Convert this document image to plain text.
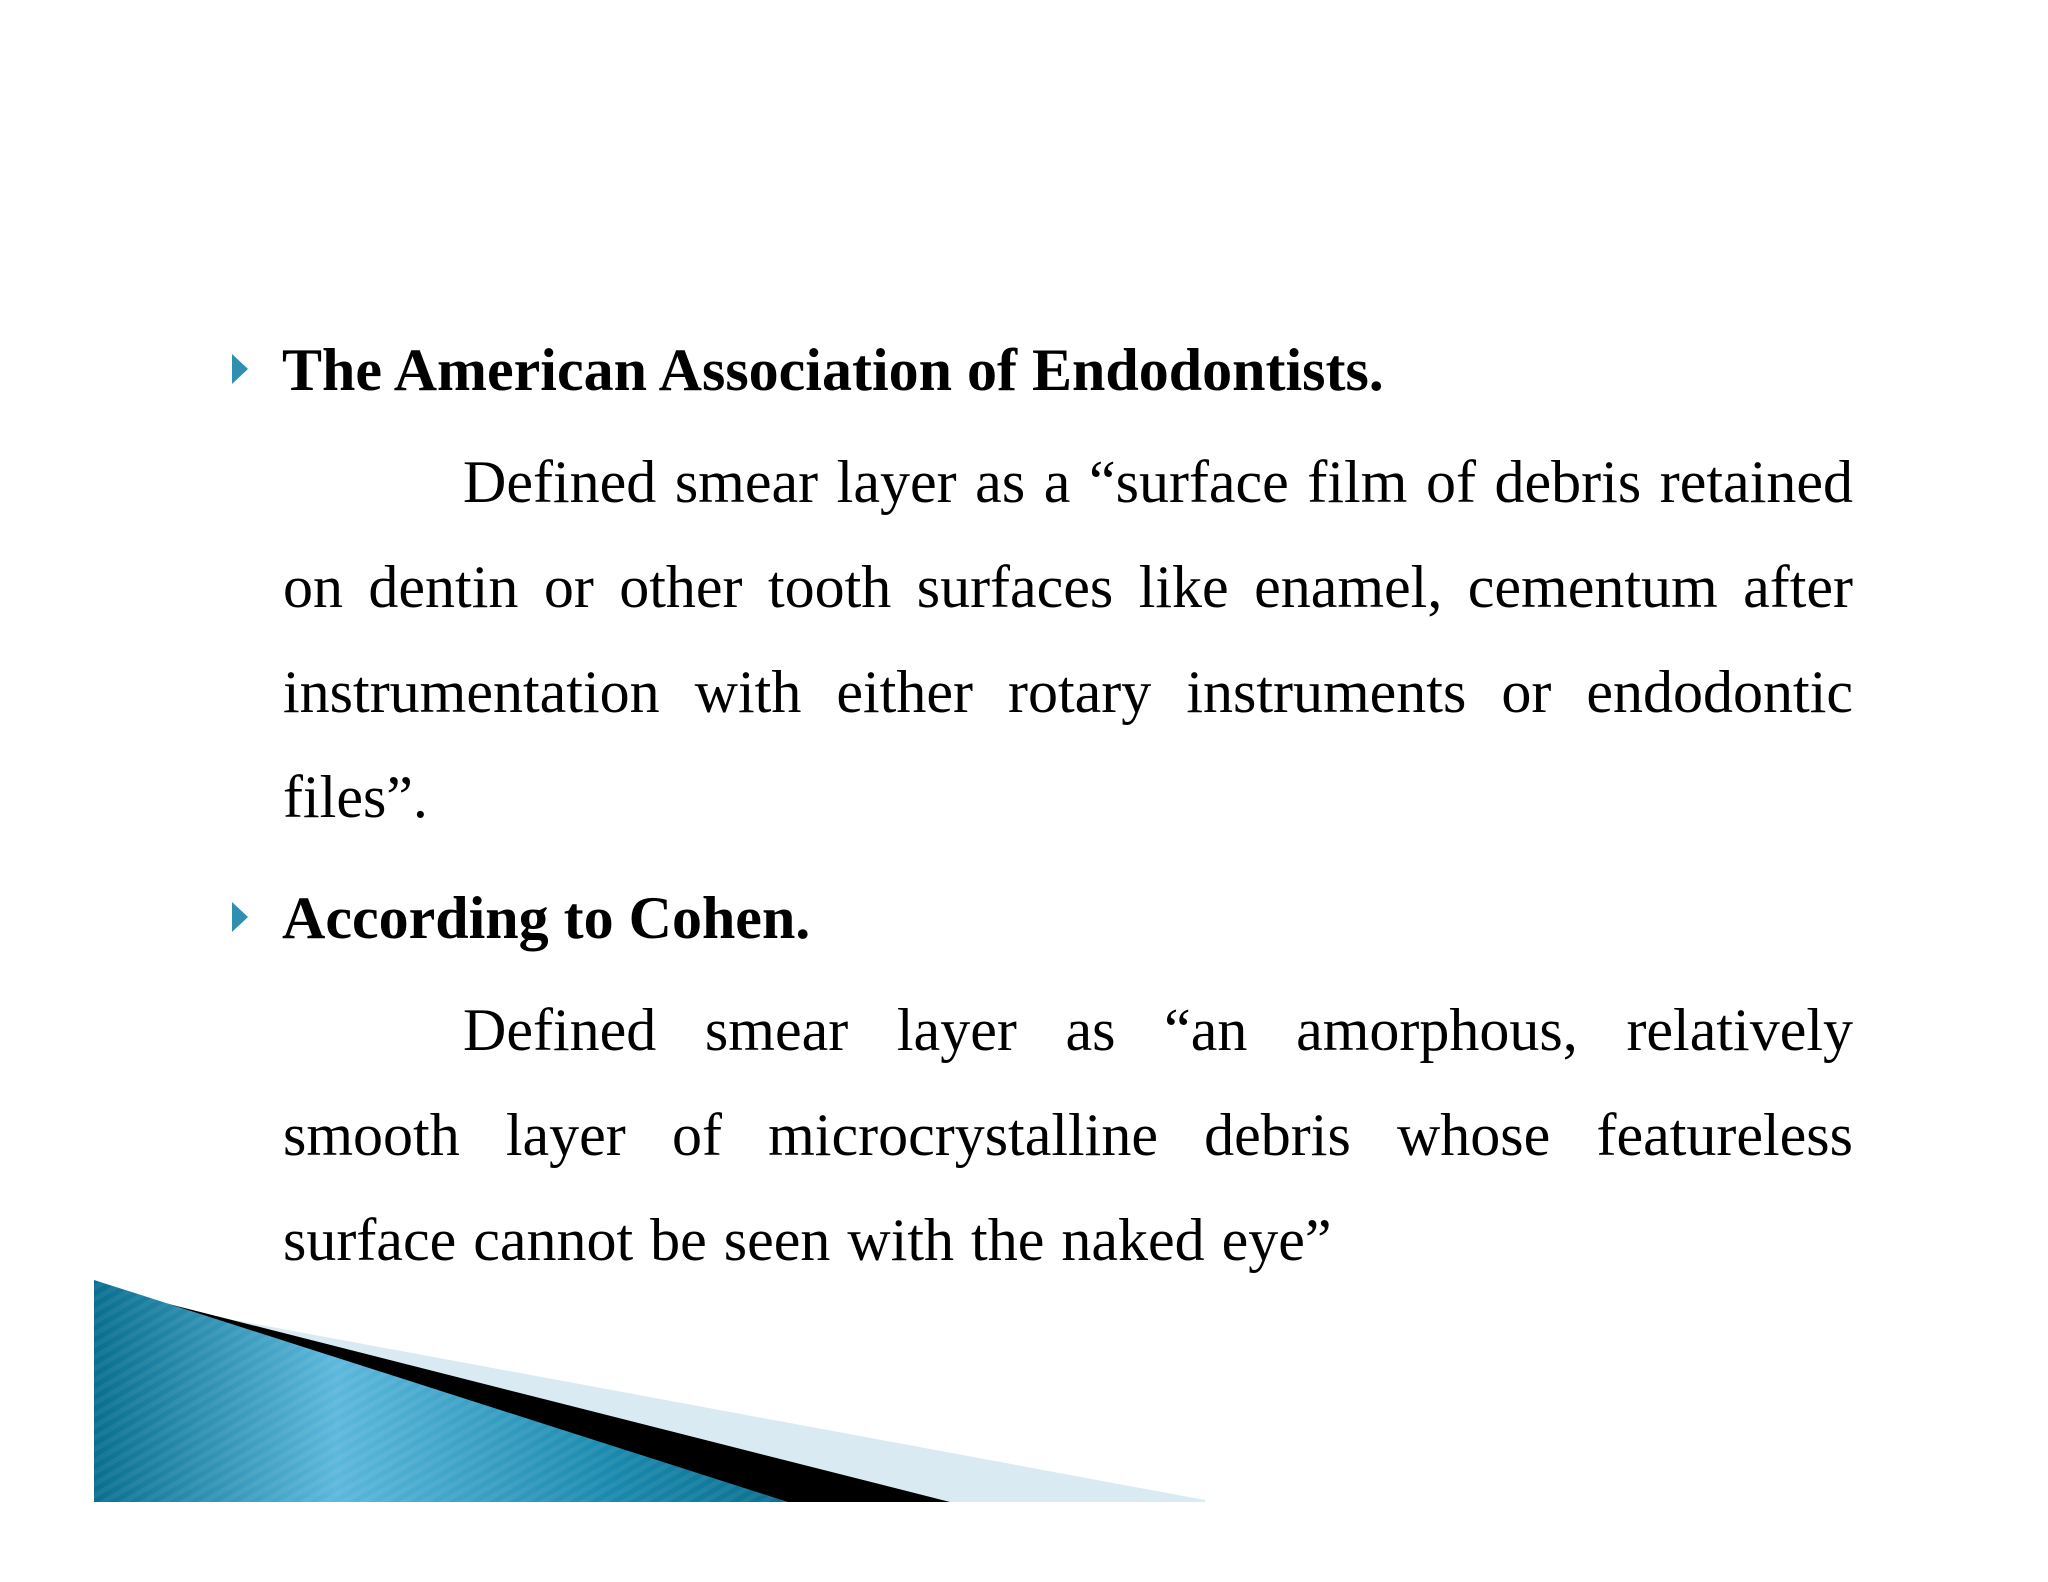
The American Association of Endodontists.

Defined smear layer as a “surface film of debris retained on dentin or other tooth surfaces like enamel, cementum after instrumentation with either rotary instruments or endodontic files”.

According to Cohen.

Defined smear layer as “an amorphous, relatively smooth layer of microcrystalline debris whose featureless surface cannot be seen with the naked eye”
